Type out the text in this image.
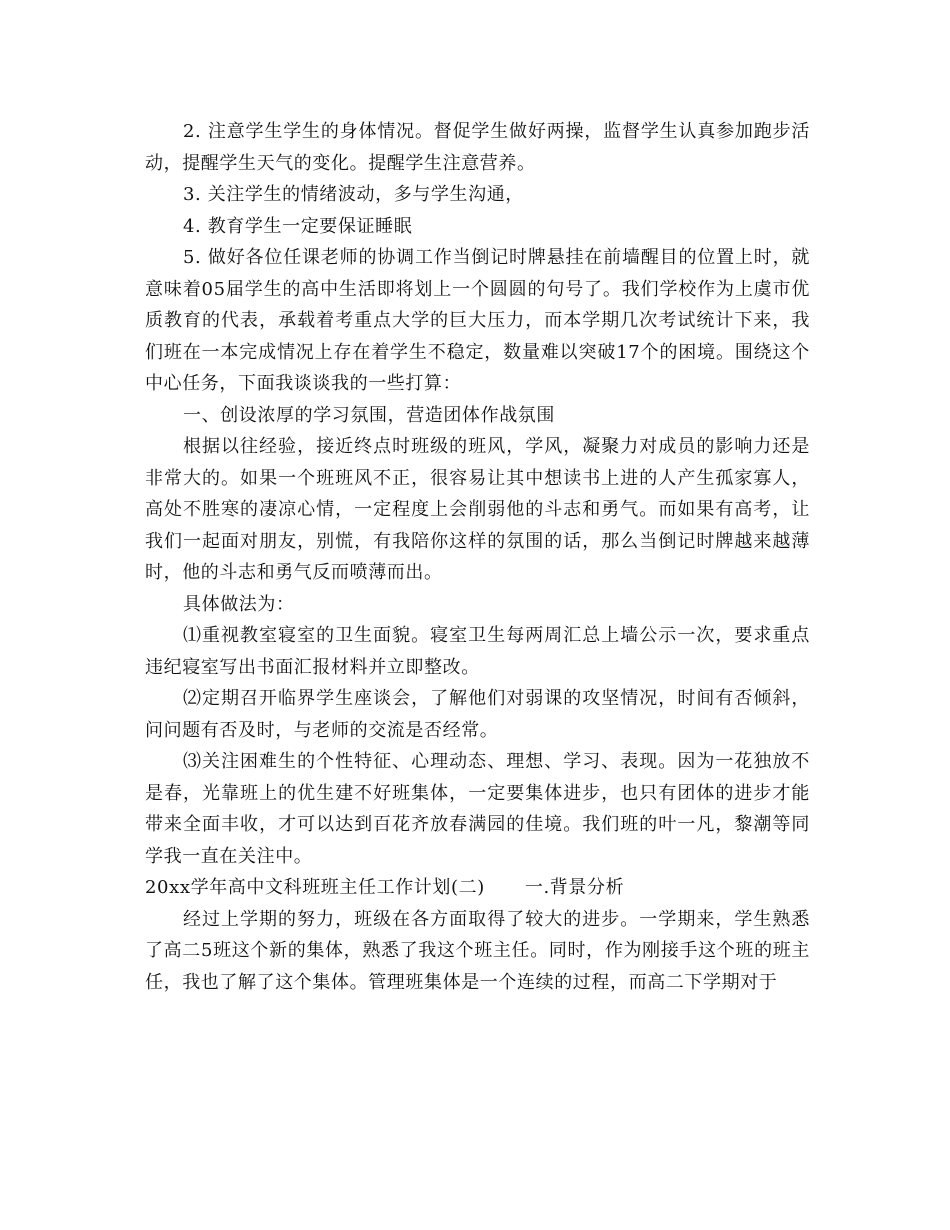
2. 注意学生学生的身体情况。督促学生做好两操，监督学生认真参加跑步活动，提醒学生天气的变化。提醒学生注意营养。

3. 关注学生的情绪波动，多与学生沟通，

4. 教育学生一定要保证睡眠

5. 做好各位任课老师的协调工作当倒记时牌悬挂在前墙醒目的位置上时，就意味着05届学生的高中生活即将划上一个圆圆的句号了。我们学校作为上虞市优质教育的代表，承载着考重点大学的巨大压力，而本学期几次考试统计下来，我们班在一本完成情况上存在着学生不稳定，数量难以突破17个的困境。围绕这个中心任务，下面我谈谈我的一些打算：

一、创设浓厚的学习氛围，营造团体作战氛围

根据以往经验，接近终点时班级的班风，学风，凝聚力对成员的影响力还是非常大的。如果一个班班风不正，很容易让其中想读书上进的人产生孤家寡人，高处不胜寒的凄凉心情，一定程度上会削弱他的斗志和勇气。而如果有高考，让我们一起面对朋友，别慌，有我陪你这样的氛围的话，那么当倒记时牌越来越薄时，他的斗志和勇气反而喷薄而出。

具体做法为：

⑴重视教室寝室的卫生面貌。寝室卫生每两周汇总上墙公示一次，要求重点违纪寝室写出书面汇报材料并立即整改。

⑵定期召开临界学生座谈会，了解他们对弱课的攻坚情况，时间有否倾斜，问问题有否及时，与老师的交流是否经常。

⑶关注困难生的个性特征、心理动态、理想、学习、表现。因为一花独放不是春，光靠班上的优生建不好班集体，一定要集体进步，也只有团体的进步才能带来全面丰收，才可以达到百花齐放春满园的佳境。我们班的叶一凡，黎潮等同学我一直在关注中。

20xx学年高中文科班班主任工作计划(二) 一.背景分析

经过上学期的努力，班级在各方面取得了较大的进步。一学期来，学生熟悉了高二5班这个新的集体，熟悉了我这个班主任。同时，作为刚接手这个班的班主任，我也了解了这个集体。管理班集体是一个连续的过程，而高二下学期对于
